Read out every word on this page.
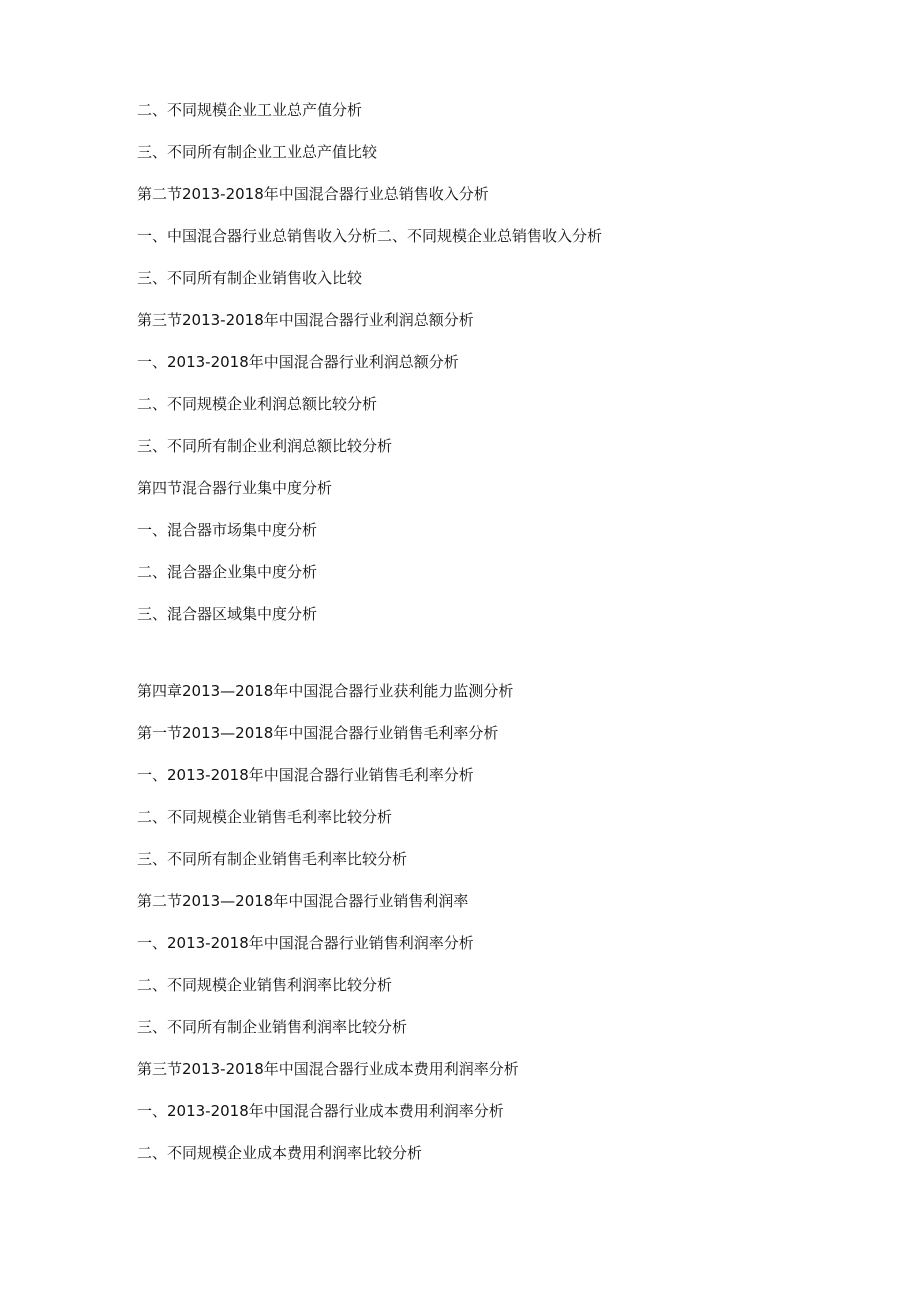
二、不同规模企业工业总产值分析
三、不同所有制企业工业总产值比较
第二节2013-2018年中国混合器行业总销售收入分析
一、中国混合器行业总销售收入分析二、不同规模企业总销售收入分析
三、不同所有制企业销售收入比较
第三节2013-2018年中国混合器行业利润总额分析
一、2013-2018年中国混合器行业利润总额分析
二、不同规模企业利润总额比较分析
三、不同所有制企业利润总额比较分析
第四节混合器行业集中度分析
一、混合器市场集中度分析
二、混合器企业集中度分析
三、混合器区域集中度分析
第四章2013—2018年中国混合器行业获利能力监测分析
第一节2013—2018年中国混合器行业销售毛利率分析
一、2013-2018年中国混合器行业销售毛利率分析
二、不同规模企业销售毛利率比较分析
三、不同所有制企业销售毛利率比较分析
第二节2013—2018年中国混合器行业销售利润率
一、2013-2018年中国混合器行业销售利润率分析
二、不同规模企业销售利润率比较分析
三、不同所有制企业销售利润率比较分析
第三节2013-2018年中国混合器行业成本费用利润率分析
一、2013-2018年中国混合器行业成本费用利润率分析
二、不同规模企业成本费用利润率比较分析
